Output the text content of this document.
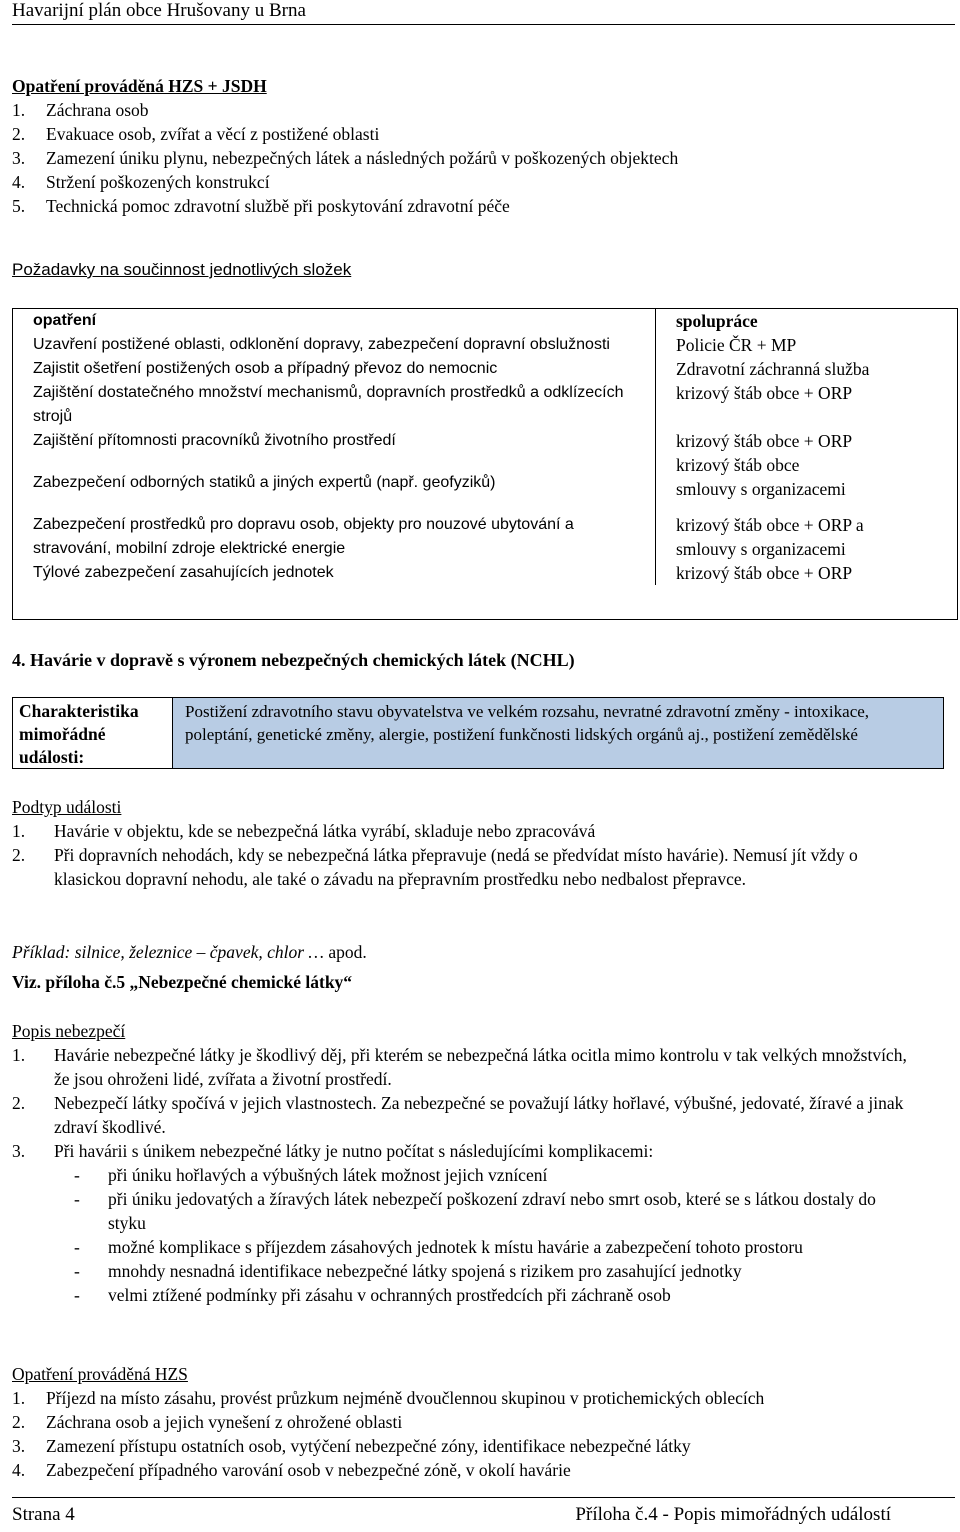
Havarijní plán obce Hrušovany u Brna
Opatření prováděná HZS + JSDH
1. Záchrana osob
2. Evakuace osob, zvířat a věcí z postižené oblasti
3. Zamezení úniku plynu, nebezpečných látek a následných požárů v poškozených objektech
4. Stržení poškozených konstrukcí
5. Technická pomoc zdravotní službě při poskytování zdravotní péče
Požadavky na součinnost jednotlivých složek
opatření	spolupráce
Uzavření postižené oblasti, odklonění dopravy, zabezpečení dopravní obslužnosti	Policie ČR + MP
Zajistit ošetření postižených osob a případný převoz do nemocnic	Zdravotní záchranná služba
Zajištění dostatečného množství mechanismů, dopravních prostředků a odklízecích strojů	krizový štáb obce + ORP
Zajištění přítomnosti pracovníků životního prostředí	krizový štáb obce + ORP
Zabezpečení odborných statiků a jiných expertů (např. geofyziků)	krizový štáb obce
smlouvy s organizacemi

Zabezpečení prostředků pro dopravu osob, objekty pro nouzové ubytování a stravování, mobilní zdroje elektrické energie	krizový štáb obce + ORP a
smlouvy s organizacemi

Týlové zabezpečení zasahujících jednotek	krizový štáb obce + ORP
4. Havárie v dopravě s výronem nebezpečných chemických látek (NCHL)
Charakteristika mimořádné události:
Postižení zdravotního stavu obyvatelstva ve velkém rozsahu, nevratné zdravotní změny - intoxikace, poleptání, genetické změny, alergie, postižení funkčnosti lidských orgánů aj., postižení zemědělské
Podtyp události
1. Havárie v objektu, kde se nebezpečná látka vyrábí, skladuje nebo zpracovává
2. Při dopravních nehodách, kdy se nebezpečná látka přepravuje (nedá se předvídat místo havárie). Nemusí jít vždy o klasickou dopravní nehodu, ale také o závadu na přepravním prostředku nebo nedbalost přepravce.
Příklad: silnice, železnice – čpavek, chlor … apod.
Viz. příloha č.5 „Nebezpečné chemické látky“
Popis nebezpečí
1. Havárie nebezpečné látky je škodlivý děj, při kterém se nebezpečná látka ocitla mimo kontrolu v tak velkých množstvích, že jsou ohroženi lidé, zvířata a životní prostředí.
2. Nebezpečí látky spočívá v jejich vlastnostech. Za nebezpečné se považují látky hořlavé, výbušné, jedovaté, žíravé a jinak zdraví škodlivé.
3. Při havárii s únikem nebezpečné látky je nutno počítat s následujícími komplikacemi:
- při úniku hořlavých a výbušných látek možnost jejich vznícení
- při úniku jedovatých a žíravých látek nebezpečí poškození zdraví nebo smrt osob, které se s látkou dostaly do styku
- možné komplikace s příjezdem zásahových jednotek k místu havárie a zabezpečení tohoto prostoru
- mnohdy nesnadná identifikace nebezpečné látky spojená s rizikem pro zasahující jednotky
- velmi ztížené podmínky při zásahu v ochranných prostředcích při záchraně osob
Opatření prováděná HZS
1. Příjezd na místo zásahu, provést průzkum nejméně dvoučlennou skupinou v protichemických oblecích
2. Záchrana osob a jejich vynešení z ohrožené oblasti
3. Zamezení přístupu ostatních osob, vytýčení nebezpečné zóny, identifikace nebezpečné látky
4. Zabezpečení případného varování osob v nebezpečné zóně, v okolí havárie
Strana 4	Příloha č.4 - Popis mimořádných událostí
